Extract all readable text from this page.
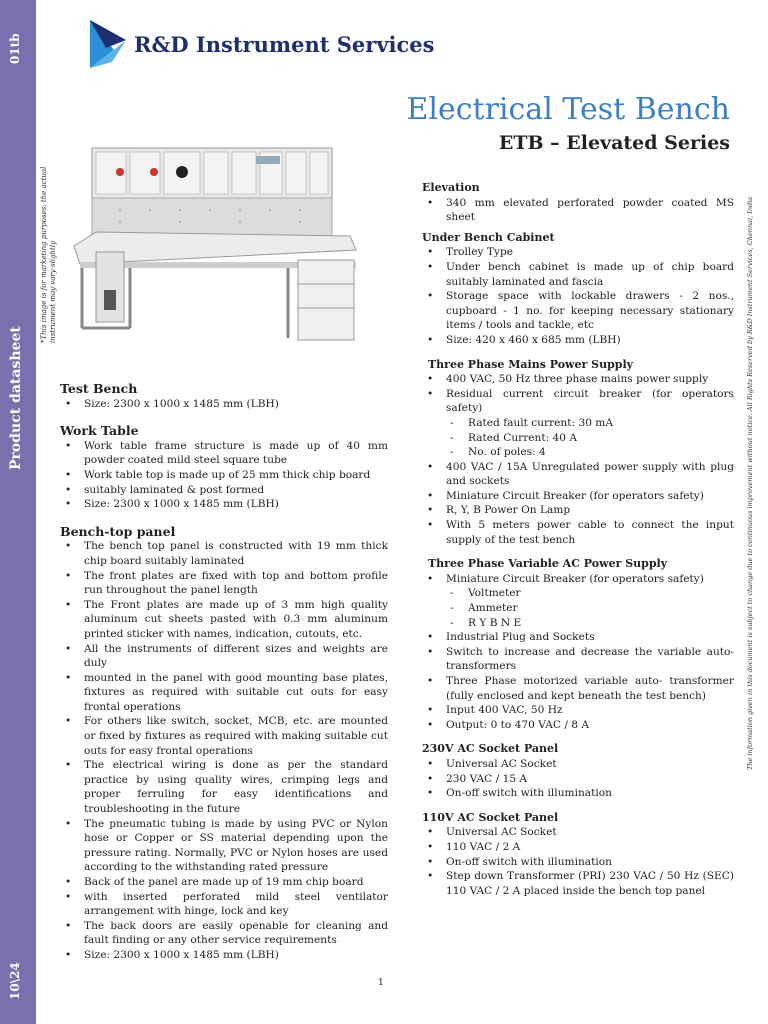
01tb
Product datasheet
10\24
R&D Instrument Services
Electrical Test Bench
ETB – Elevated Series
*This image is for marketing purposes; the actual instrument may vary slightly	The information given in this document is subject to change due to continuous improvement without notice. All Rights Reserved by R&D Instrument Services, Chennai, India
Test Bench
• Size: 2300 x 1000 x 1485 mm (LBH)
Work Table
• Work table frame structure is made up of 40 mm powder coated mild steel square tube
• Work table top is made up of 25 mm thick chip board
• suitably laminated & post formed
• Size: 2300 x 1000 x 1485 mm (LBH)
Bench-top panel
• The bench top panel is constructed with 19 mm thick chip board suitably laminated
• The front plates are fixed with top and bottom profile run throughout the panel length
• The Front plates are made up of 3 mm high quality aluminum cut sheets pasted with 0.3 mm aluminum printed sticker with names, indication, cutouts, etc.
• All the instruments of different sizes and weights are duly
• mounted in the panel with good mounting base plates, fixtures as required with suitable cut outs for easy frontal operations
• For others like switch, socket, MCB, etc. are mounted or fixed by fixtures as required with making suitable cut outs for easy frontal operations
• The electrical wiring is done as per the standard practice by using quality wires, crimping legs and proper ferruling for easy identifications and troubleshooting in the future
• The pneumatic tubing is made by using PVC or Nylon hose or Copper or SS material depending upon the pressure rating. Normally, PVC or Nylon hoses are used according to the withstanding rated pressure
• Back of the panel are made up of 19 mm chip board
• with inserted perforated mild steel ventilator arrangement with hinge, lock and key
• The back doors are easily openable for cleaning and fault finding or any other service requirements
• Size: 2300 x 1000 x 1485 mm (LBH)
Elevation
• 340 mm elevated perforated powder coated MS sheet
Under Bench Cabinet
• Trolley Type
• Under bench cabinet is made up of chip board suitably laminated and fascia
• Storage space with lockable drawers - 2 nos., cupboard - 1 no. for keeping necessary stationary items / tools and tackle, etc
• Size: 420 x 460 x 685 mm (LBH)
Three Phase Mains Power Supply
• 400 VAC, 50 Hz three phase mains power supply
• Residual current circuit breaker (for operators safety)
- Rated fault current: 30 mA
- Rated Current: 40 A
- No. of poles: 4
• 400 VAC / 15A Unregulated power supply with plug and sockets
• Miniature Circuit Breaker (for operators safety)
• R, Y, B Power On Lamp
• With 5 meters power cable to connect the input supply of the test bench
Three Phase Variable AC Power Supply
• Miniature Circuit Breaker (for operators safety)
- Voltmeter
- Ammeter
- R Y B N E
• Industrial Plug and Sockets
• Switch to increase and decrease the variable auto-transformers
• Three Phase motorized variable auto- transformer (fully enclosed and kept beneath the test bench)
• Input 400 VAC, 50 Hz
• Output: 0 to 470 VAC / 8 A
230V AC Socket Panel
• Universal AC Socket
• 230 VAC / 15 A
• On-off switch with illumination
110V AC Socket Panel
• Universal AC Socket
• 110 VAC / 2 A
• On-off switch with illumination
• Step down Transformer (PRI) 230 VAC / 50 Hz (SEC) 110 VAC / 2 A placed inside the bench top panel
1
